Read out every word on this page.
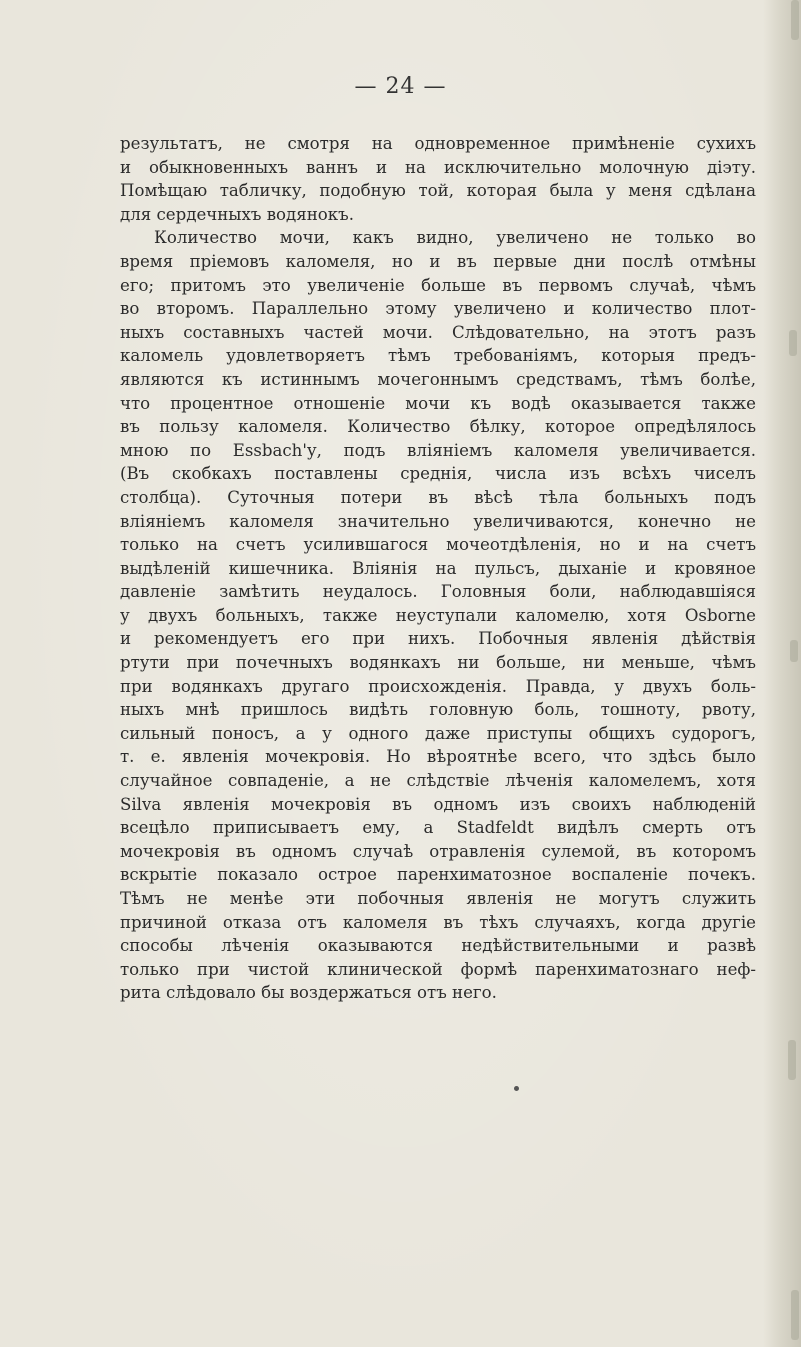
— 24 —
результатъ, не смотря на одновременное примѣненіе сухихъ
и обыкновенныхъ ваннъ и на исключительно молочную діэту.
Помѣщаю табличку, подобную той, которая была у меня сдѣлана
для сердечныхъ водянокъ.
Количество мочи, какъ видно, увеличено не только во
время пріемовъ каломеля, но и въ первые дни послѣ отмѣны
его; притомъ это увеличеніе больше въ первомъ случаѣ, чѣмъ
во второмъ. Параллельно этому увеличено и количество плот-
ныхъ составныхъ частей мочи. Слѣдовательно, на этотъ разъ
каломель удовлетворяетъ тѣмъ требованіямъ, которыя предъ-
являются къ истиннымъ мочегоннымъ средствамъ, тѣмъ болѣе,
что процентное отношеніе мочи къ водѣ оказывается также
въ пользу каломеля. Количество бѣлку, которое опредѣлялось
мною по Essbach'у, подъ вліяніемъ каломеля увеличивается.
(Въ скобкахъ поставлены среднія, числа изъ всѣхъ чиселъ
столбца). Суточныя потери въ вѣсѣ тѣла больныхъ подъ
вліяніемъ каломеля значительно увеличиваются, конечно не
только на счетъ усилившагося мочеотдѣленія, но и на счетъ
выдѣленій кишечника. Вліянія на пульсъ, дыханіе и кровяное
давленіе замѣтить неудалось. Головныя боли, наблюдавшіяся
у двухъ больныхъ, также неуступали каломелю, хотя Osborne
и рекомендуетъ его при нихъ. Побочныя явленія дѣйствія
ртути при почечныхъ водянкахъ ни больше, ни меньше, чѣмъ
при водянкахъ другаго происхожденія. Правда, у двухъ боль-
ныхъ мнѣ пришлось видѣть головную боль, тошноту, рвоту,
сильный поносъ, а у одного даже приступы общихъ судорогъ,
т. е. явленія мочекровія. Но вѣроятнѣе всего, что здѣсь было
случайное совпаденіе, а не слѣдствіе лѣченія каломелемъ, хотя
Silva явленія мочекровія въ одномъ изъ своихъ наблюденій
всецѣло приписываетъ ему, а Stadfeldt видѣлъ смерть отъ
мочекровія въ одномъ случаѣ отравленія сулемой, въ которомъ
вскрытіе показало острое паренхиматозное воспаленіе почекъ.
Тѣмъ не менѣе эти побочныя явленія не могутъ служить
причиной отказа отъ каломеля въ тѣхъ случаяхъ, когда другіе
способы лѣченія оказываются недѣйствительными и развѣ
только при чистой клинической формѣ паренхиматознаго неф-
рита слѣдовало бы воздержаться отъ него.
